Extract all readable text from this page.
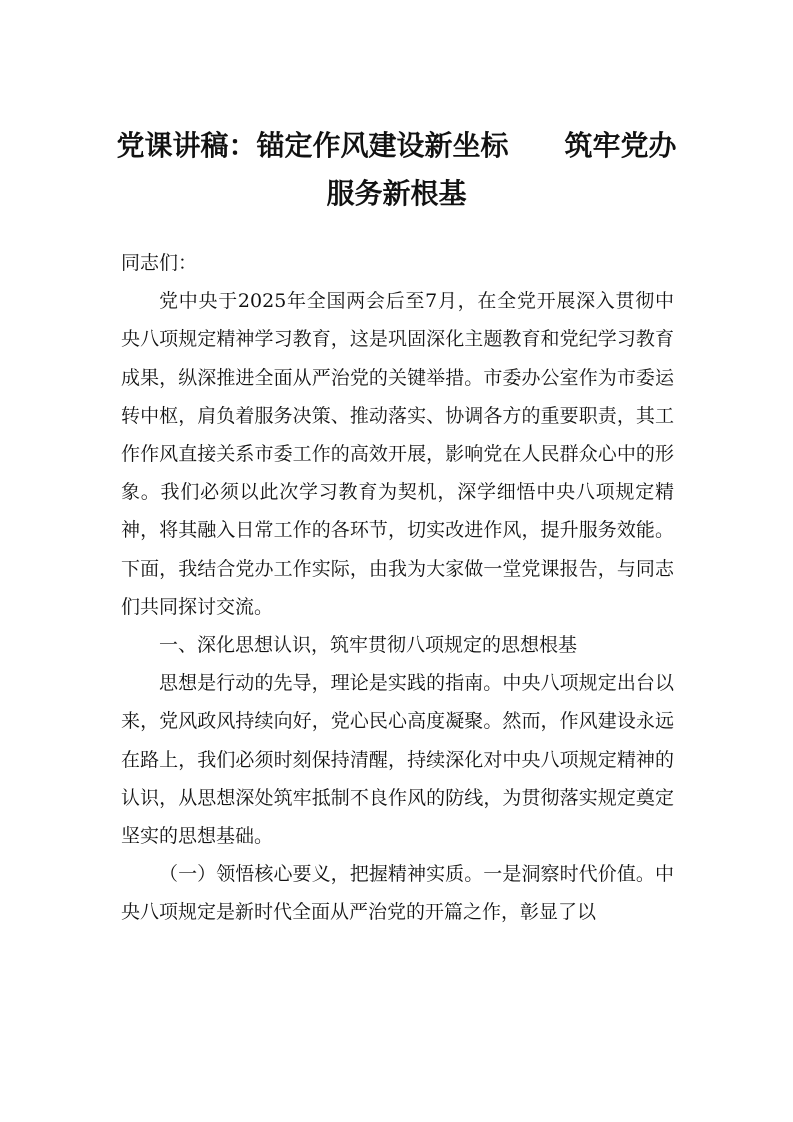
党课讲稿：锚定作风建设新坐标　　筑牢党办服务新根基

同志们：

党中央于2025年全国两会后至7月，在全党开展深入贯彻中央八项规定精神学习教育，这是巩固深化主题教育和党纪学习教育成果，纵深推进全面从严治党的关键举措。市委办公室作为市委运转中枢，肩负着服务决策、推动落实、协调各方的重要职责，其工作作风直接关系市委工作的高效开展，影响党在人民群众心中的形象。我们必须以此次学习教育为契机，深学细悟中央八项规定精神，将其融入日常工作的各环节，切实改进作风，提升服务效能。下面，我结合党办工作实际，由我为大家做一堂党课报告，与同志们共同探讨交流。

一、深化思想认识，筑牢贯彻八项规定的思想根基

思想是行动的先导，理论是实践的指南。中央八项规定出台以来，党风政风持续向好，党心民心高度凝聚。然而，作风建设永远在路上，我们必须时刻保持清醒，持续深化对中央八项规定精神的认识，从思想深处筑牢抵制不良作风的防线，为贯彻落实规定奠定坚实的思想基础。

（一）领悟核心要义，把握精神实质。一是洞察时代价值。中央八项规定是新时代全面从严治党的开篇之作，彰显了以
